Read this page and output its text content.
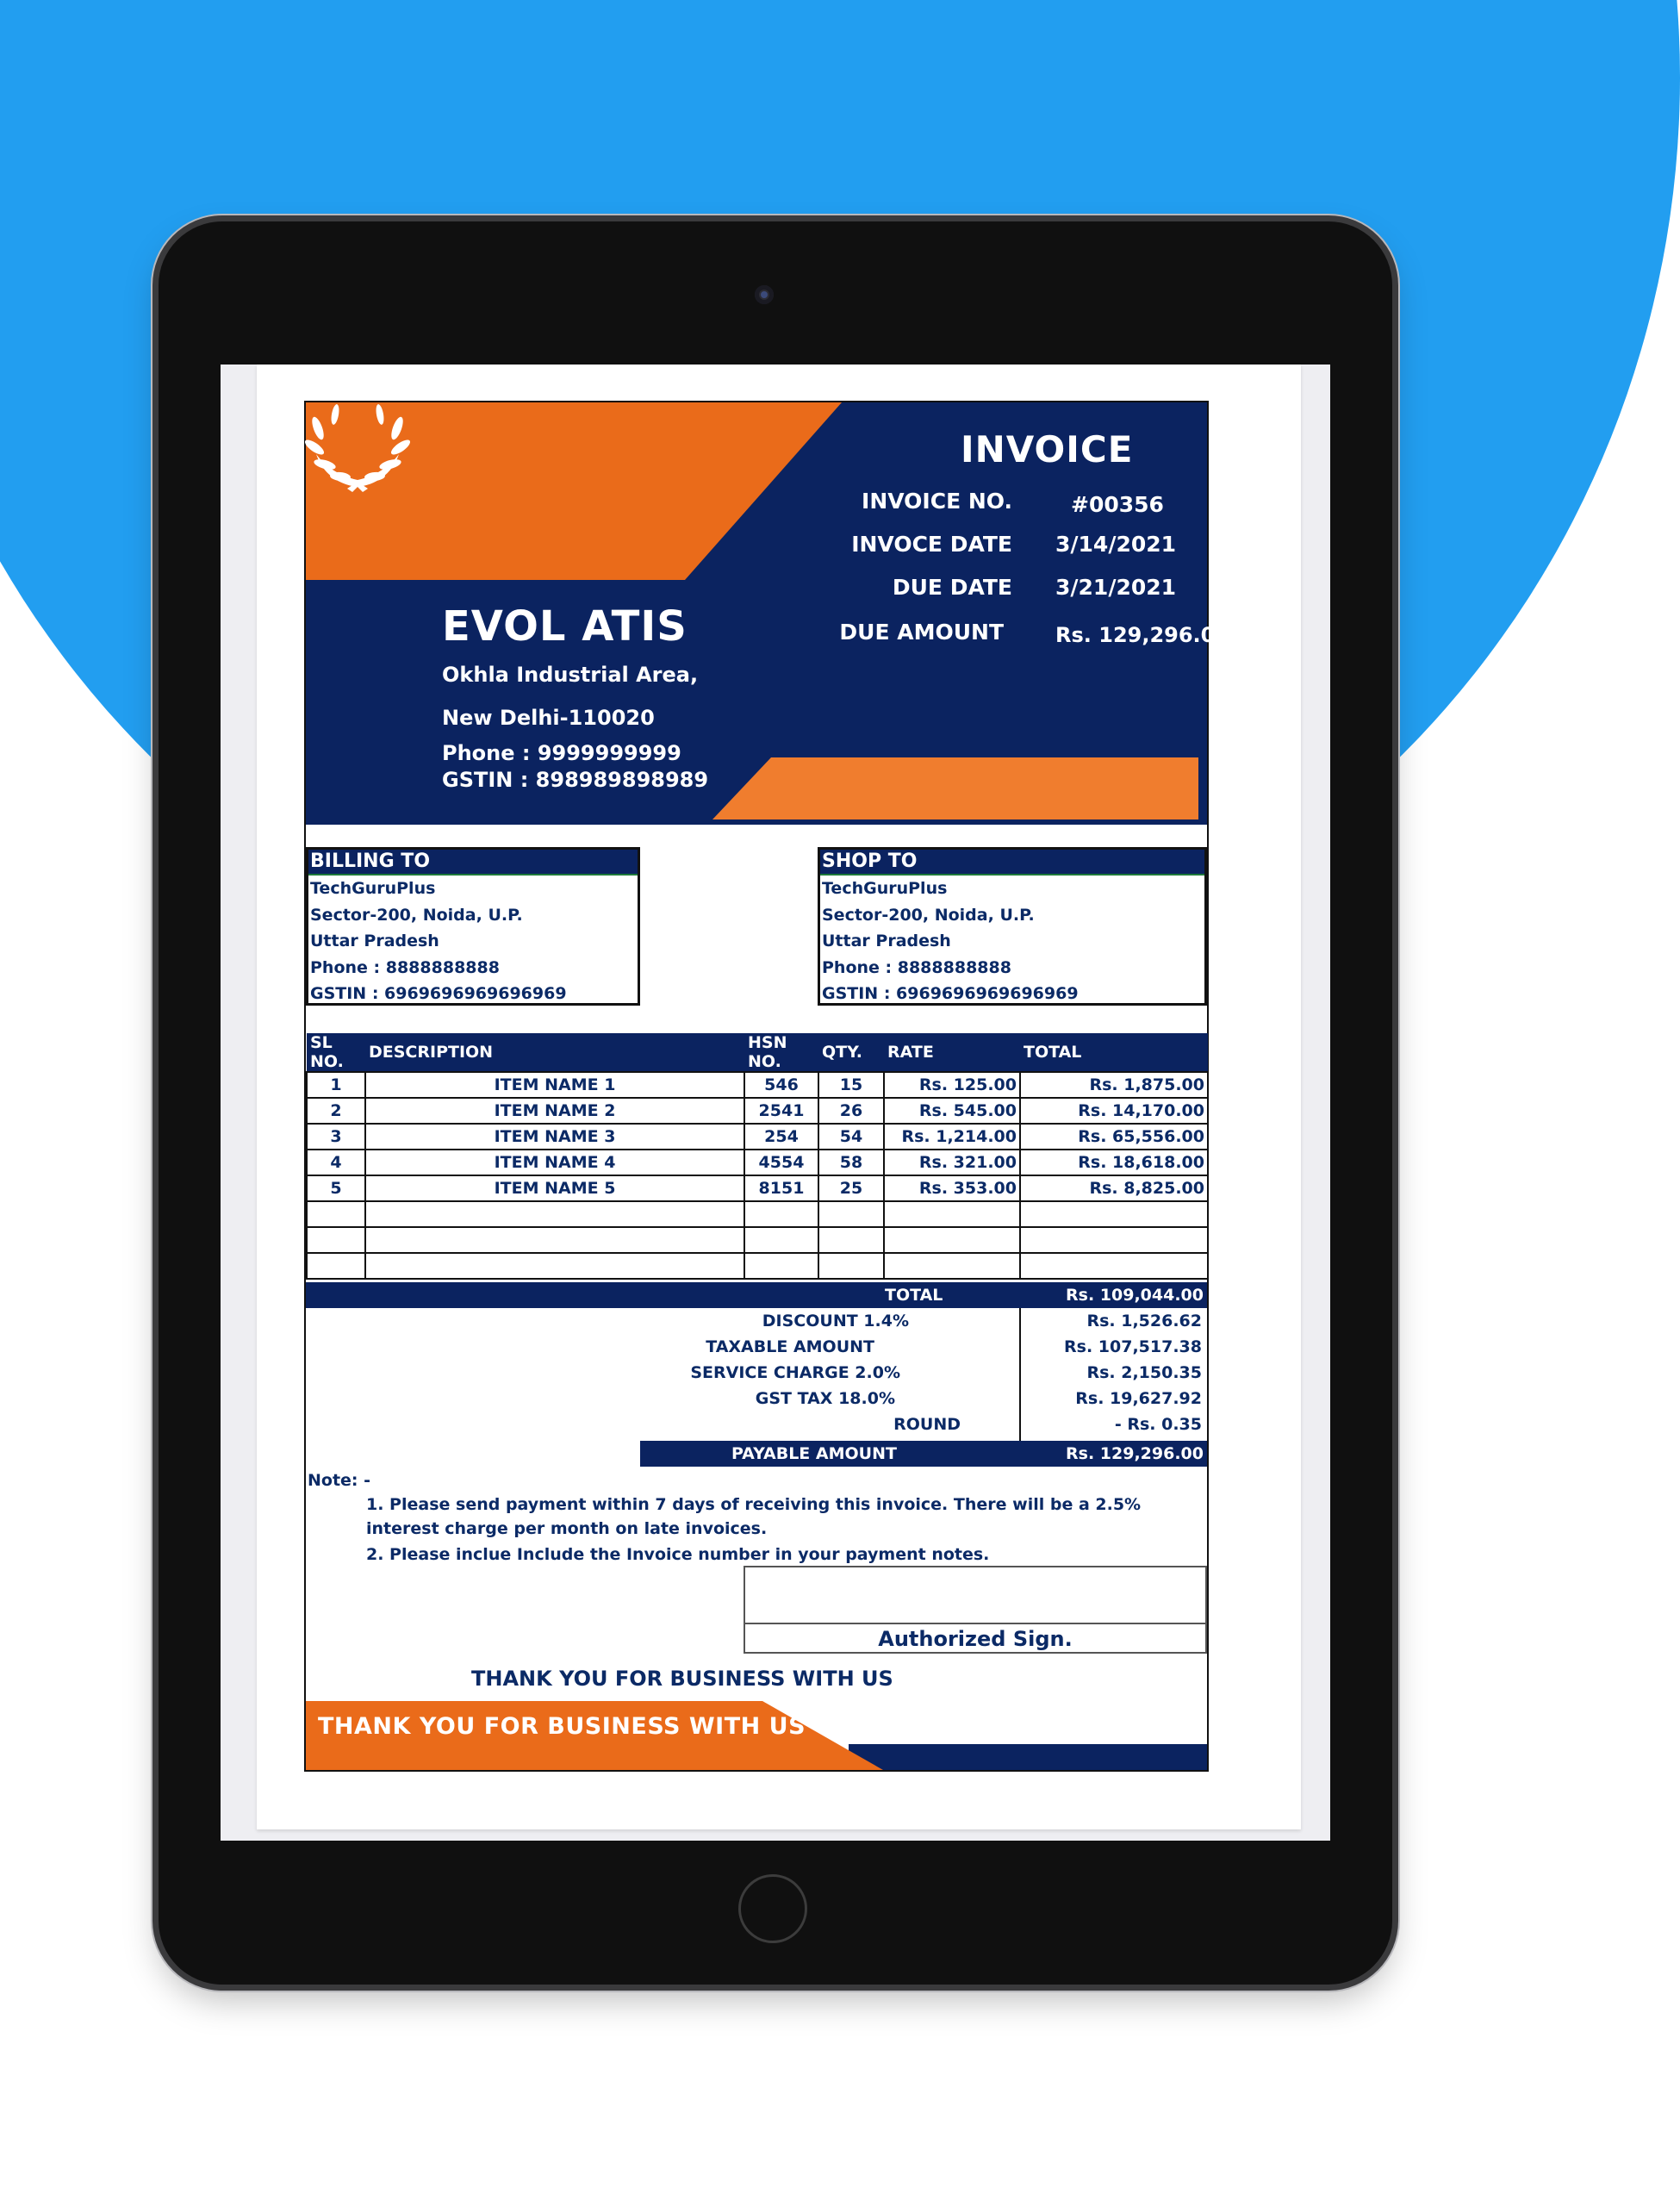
INVOICE
INVOICE NO.	#00356
INVOCE DATE 3/14/2021
DUE DATE 3/21/2021
DUE AMOUNT	Rs. 129,296.00
EVOL ATIS
Okhla Industrial Area,
New Delhi-110020
Phone : 9999999999
GSTIN : 898989898989
BILLING TO
TechGuruPlus
Sector-200, Noida, U.P.
Uttar Pradesh
Phone : 8888888888
GSTIN : 6969696969696969
SHOP TO
TechGuruPlus
Sector-200, Noida, U.P.
Uttar Pradesh
Phone : 8888888888
GSTIN : 6969696969696969
SL NO.	DESCRIPTION	HSN NO.	QTY.	RATE	TOTAL
1	ITEM NAME 1	546	15	Rs. 125.00	Rs. 1,875.00
2	ITEM NAME 2	2541	26	Rs. 545.00	Rs. 14,170.00
3	ITEM NAME 3	254	54	Rs. 1,214.00	Rs. 65,556.00
4	ITEM NAME 4	4554	58	Rs. 321.00	Rs. 18,618.00
5	ITEM NAME 5	8151	25	Rs. 353.00	Rs. 8,825.00

TOTAL	Rs. 109,044.00
DISCOUNT 1.4%	Rs. 1,526.62
TAXABLE AMOUNT	Rs. 107,517.38
SERVICE CHARGE 2.0%	Rs. 2,150.35
GST TAX 18.0%	Rs. 19,627.92
ROUND	- Rs. 0.35
PAYABLE AMOUNT	Rs. 129,296.00
Note: -
1. Please send payment within 7 days of receiving this invoice. There will be a 2.5%
interest charge per month on late invoices.
2. Please inclue Include the Invoice number in your payment notes.
Authorized Sign.
THANK YOU FOR BUSINESS WITH US
THANK YOU FOR BUSINESS WITH US
